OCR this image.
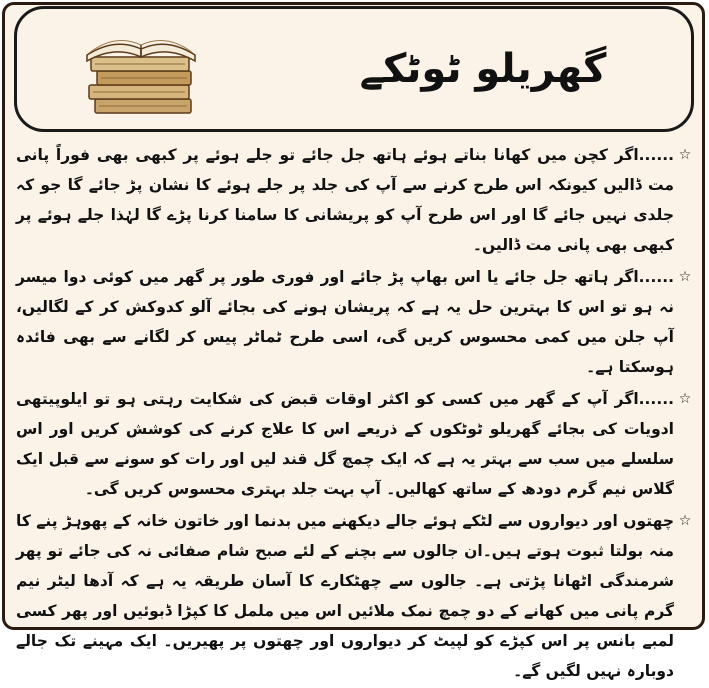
گھریلو ٹوٹکے

☆
......اگر کچن میں کھانا بناتے ہوئے ہاتھ جل جائے تو جلے ہوئے پر کبھی بھی فوراً پانی مت ڈالیں کیونکہ اس طرح کرنے سے آپ کی جلد پر جلے ہوئے کا نشان پڑ جائے گا جو کہ جلدی نہیں جائے گا اور اس طرح آپ کو پریشانی کا سامنا کرنا پڑے گا لہٰذا جلے ہوئے پر کبھی بھی پانی مت ڈالیں۔

☆
......اگر ہاتھ جل جائے یا اس بھاپ پڑ جائے اور فوری طور پر گھر میں کوئی دوا میسر نہ ہو تو اس کا بہترین حل یہ ہے کہ پریشان ہونے کی بجائے آلو کدوکش کر کے لگالیں، آپ جلن میں کمی محسوس کریں گی، اسی طرح ٹماٹر پیس کر لگانے سے بھی فائدہ ہوسکتا ہے۔

☆
......اگر آپ کے گھر میں کسی کو اکثر اوقات قبض کی شکایت رہتی ہو تو ایلوپیتھی ادویات کی بجائے گھریلو ٹوٹکوں کے ذریعے اس کا علاج کرنے کی کوشش کریں اور اس سلسلے میں سب سے بہتر یہ ہے کہ ایک چمچ گل قند لیں اور رات کو سونے سے قبل ایک گلاس نیم گرم دودھ کے ساتھ کھالیں۔ آپ بہت جلد بہتری محسوس کریں گی۔

☆
چھتوں اور دیواروں سے لٹکے ہوئے جالے دیکھنے میں بدنما اور خاتون خانہ کے پھوہڑ پنے کا منہ بولتا ثبوت ہوتے ہیں۔ان جالوں سے بچنے کے لئے صبح شام صفائی نہ کی جائے تو پھر شرمندگی اٹھانا پڑتی ہے۔ جالوں سے چھٹکارے کا آسان طریقہ یہ ہے کہ آدھا لیٹر نیم گرم پانی میں کھانے کے دو چمچ نمک ملائیں اس میں ململ کا کپڑا ڈبوئیں اور پھر کسی لمبے بانس پر اس کپڑے کو لپیٹ کر دیواروں اور چھتوں پر پھیریں۔ ایک مہینے تک جالے دوبارہ نہیں لگیں گے۔
